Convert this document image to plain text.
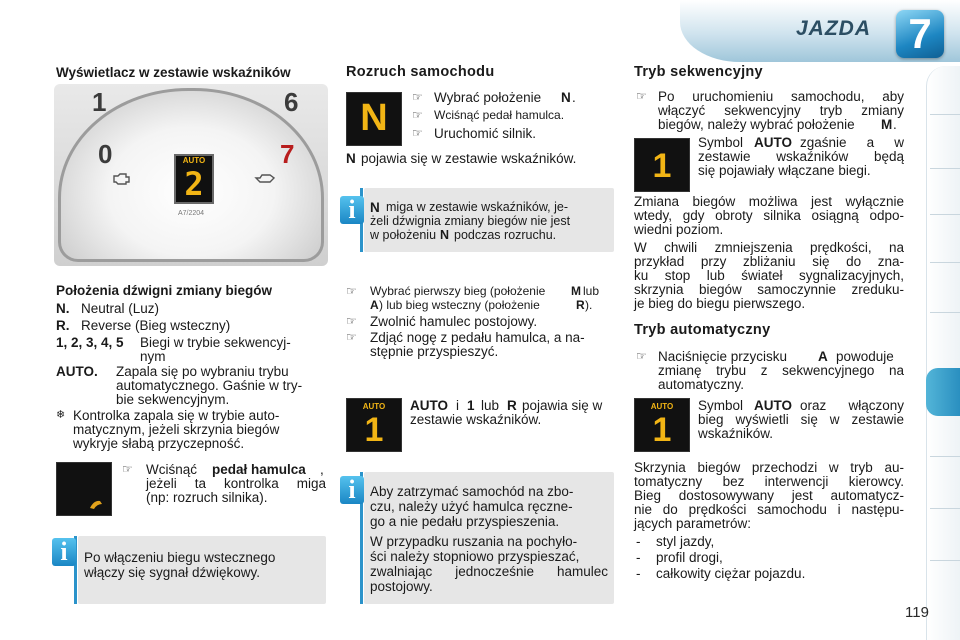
JAZDA 7
Wyświetlacz w zestawie wskaźników
1	6
0	7
AUTO
2
A7/2204
Położenia dźwigni zmiany biegów
N. Neutral (Luz)
R. Reverse (Bieg wsteczny)
1, 2, 3, 4, 5 Biegi w trybie sekwencyj-
nym
AUTO. Zapala się po wybraniu trybu
automatycznego. Gaśnie w try-
bie sekwencyjnym.
❄ Kontrolka zapala się w trybie auto-
matycznym, jeżeli skrzynia biegów
wykryje słabą przyczepność.
☞ Wciśnąć pedał hamulca ,
jeżeli ta kontrolka miga
(np: rozruch silnika).
i	Po włączeniu biegu wstecznego
włączy się sygnał dźwiękowy.
Rozruch samochodu
N	☞ Wybrać położenie N .
☞ Wciśnąć pedał hamulca.
☞ Uruchomić silnik.
N pojawia się w zestawie wskaźników.
i	N miga w zestawie wskaźników, je-
żeli dźwignia zmiany biegów nie jest
w położeniu N podczas rozruchu.
☞ Wybrać pierwszy bieg (położenie M lub
A ) lub bieg wsteczny (położenie	R ).
☞ Zwolnić hamulec postojowy.
☞ Zdjąć nogę z pedału hamulca, a na-
stępnie przyspieszyć.
AUTO
1
AUTO i 1 lub R pojawia się w
zestawie wskaźników.
i	Aby zatrzymać samochód na zbo-
czu, należy użyć hamulca ręczne-
go a nie pedału przyspieszenia.
W przypadku ruszania na pochyło-
ści należy stopniowo przyspieszać,
zwalniając jednocześnie hamulec
postojowy.
Tryb sekwencyjny
☞ Po uruchomieniu samochodu, aby
włączyć sekwencyjny tryb zmiany
biegów, należy wybrać położenie M .
1
Symbol AUTO zgaśnie a w
zestawie wskaźników będą
się pojawiały włączane biegi.
Zmiana biegów możliwa jest wyłącznie
wtedy, gdy obroty silnika osiągną odpo-
wiedni poziom.
W chwili zmniejszenia prędkości, na
przykład przy zbliżaniu się do zna-
ku stop lub świateł sygnalizacyjnych,
skrzynia biegów samoczynnie zreduku-
je bieg do biegu pierwszego.
Tryb automatyczny
☞ Naciśnięcie przycisku A powoduje
zmianę trybu z sekwencyjnego na
automatyczny.
AUTO
1
Symbol AUTO oraz włączony
bieg wyświetli się w zestawie
wskaźników.
Skrzynia biegów przechodzi w tryb au-
tomatyczny bez interwencji kierowcy.
Bieg dostosowywany jest automatycz-
nie do prędkości samochodu i następu-
jących parametrów:
- styl jazdy,
- profil drogi,
- całkowity ciężar pojazdu.
119
